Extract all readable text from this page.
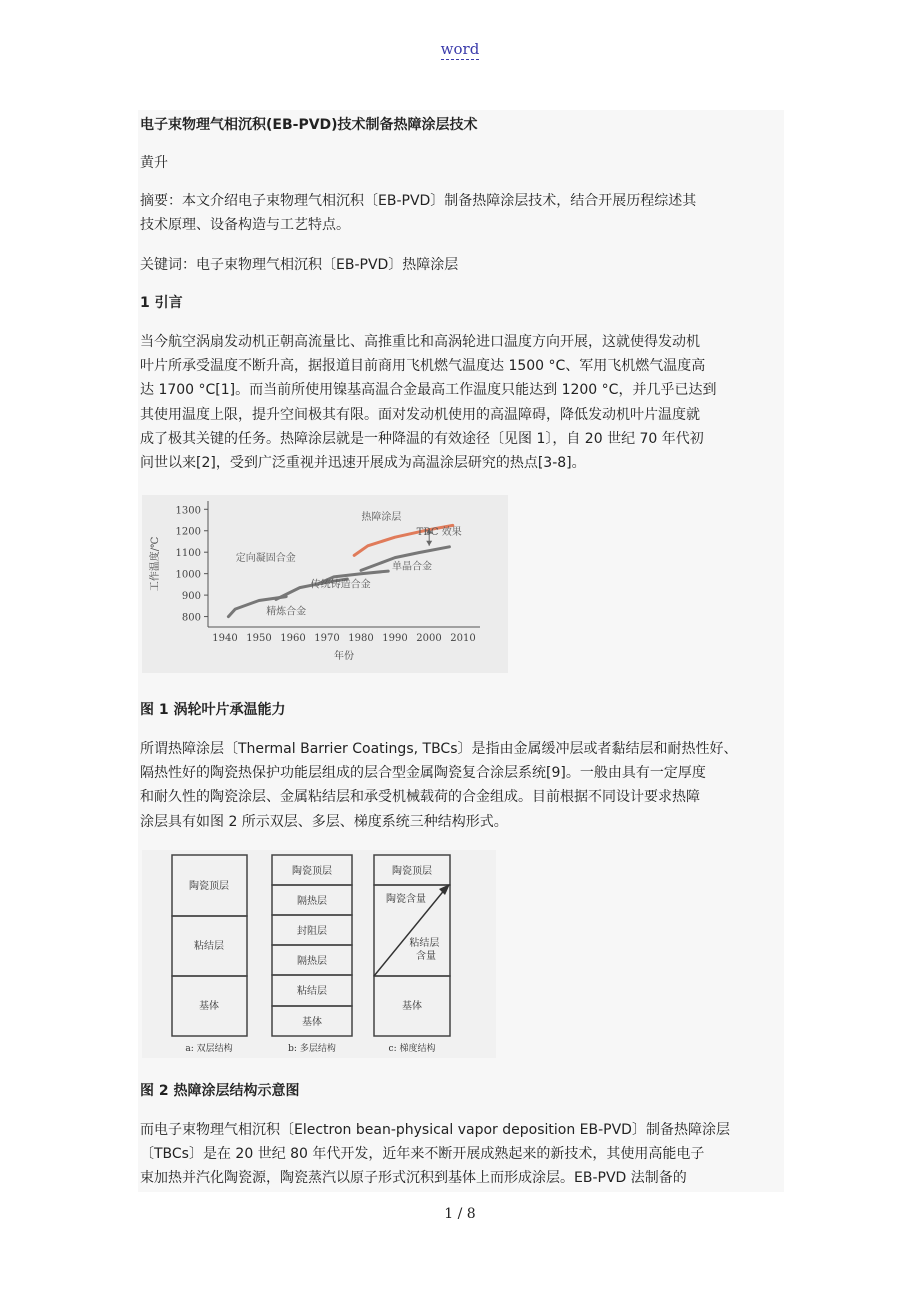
word
电子束物理气相沉积(EB-PVD)技术制备热障涂层技术
黄升
摘要：本文介绍电子束物理气相沉积〔EB-PVD〕制备热障涂层技术，结合开展历程综述其
技术原理、设备构造与工艺特点。
关键词：电子束物理气相沉积〔EB-PVD〕热障涂层
1 引言
当今航空涡扇发动机正朝高流量比、高推重比和高涡轮进口温度方向开展，这就使得发动机
叶片所承受温度不断升高，据报道目前商用飞机燃气温度达 1500 °C、军用飞机燃气温度高
达 1700 °C[1]。而当前所使用镍基高温合金最高工作温度只能达到 1200 °C，并几乎已达到
其使用温度上限，提升空间极其有限。面对发动机使用的高温障碍，降低发动机叶片温度就
成了极其关键的任务。热障涂层就是一种降温的有效途径〔见图 1〕，自 20 世纪 70 年代初
问世以来[2]，受到广泛重视并迅速开展成为高温涂层研究的热点[3-8]。
800
900
1000
1100
1200
1300
1940 1950 1960 1970 1980 1990 2000 2010
年份
工作温度/℃
热障涂层
TBC 效果
定向凝固合金
单晶合金
传统铸造合金
精炼合金
图 1 涡轮叶片承温能力
所谓热障涂层〔Thermal Barrier Coatings, TBCs〕是指由金属缓冲层或者黏结层和耐热性好、
隔热性好的陶瓷热保护功能层组成的层合型金属陶瓷复合涂层系统[9]。一般由具有一定厚度
和耐久性的陶瓷涂层、金属粘结层和承受机械载荷的合金组成。目前根据不同设计要求热障
涂层具有如图 2 所示双层、多层、梯度系统三种结构形式。
陶瓷顶层
粘结层
基体
a: 双层结构
陶瓷顶层
隔热层
封阻层
隔热层
粘结层
基体
b: 多层结构
陶瓷顶层
陶瓷含量
粘结层 含量
基体
c: 梯度结构
图 2 热障涂层结构示意图
而电子束物理气相沉积〔Electron bean-physical vapor deposition EB-PVD〕制备热障涂层
〔TBCs〕是在 20 世纪 80 年代开发，近年来不断开展成熟起来的新技术，其使用高能电子
束加热并汽化陶瓷源，陶瓷蒸汽以原子形式沉积到基体上而形成涂层。EB-PVD 法制备的
1 / 8
